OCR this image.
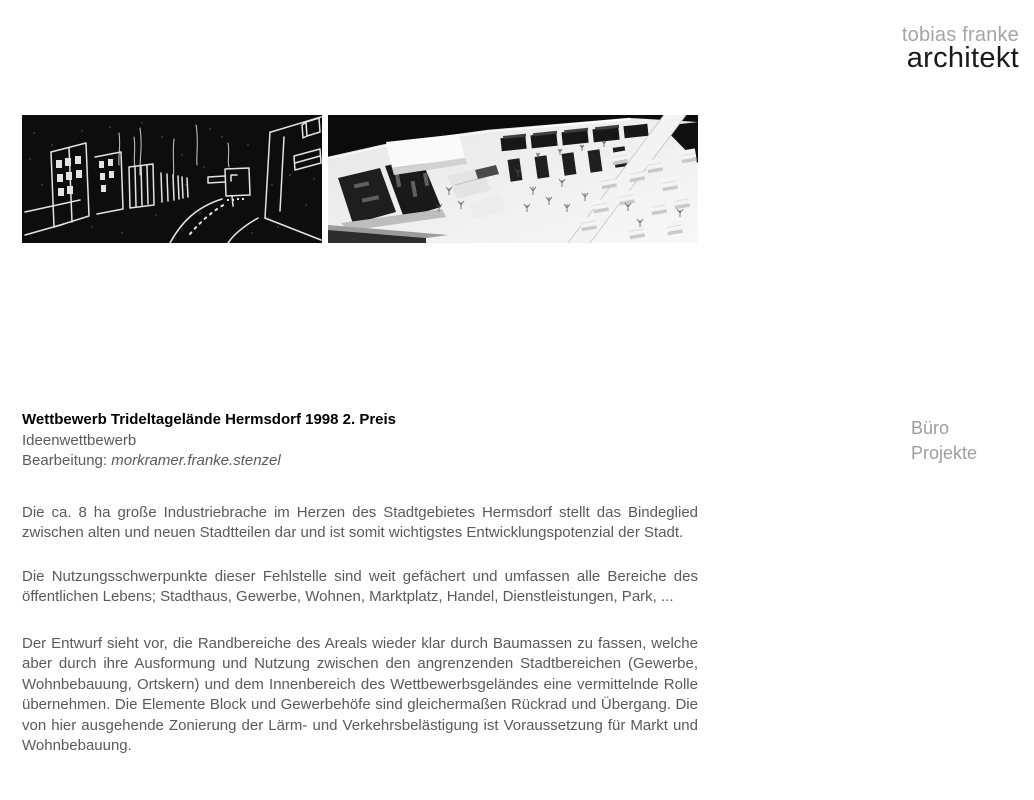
tobias franke
architekt
Büro
Projekte
Wettbewerb Trideltagelände Hermsdorf 1998 2. Preis
Ideenwettbewerb
Bearbeitung: morkramer.franke.stenzel

Die ca. 8 ha große Industriebrache im Herzen des Stadtgebietes Hermsdorf stellt das Bindeglied zwischen alten und neuen Stadtteilen dar und ist somit wichtigstes Entwicklungspotenzial der Stadt.

Die Nutzungsschwerpunkte dieser Fehlstelle sind weit gefächert und umfassen alle Bereiche des öffentlichen Lebens; Stadthaus, Gewerbe, Wohnen, Marktplatz, Handel, Dienstleistungen, Park, ...

Der Entwurf sieht vor, die Randbereiche des Areals wieder klar durch Baumassen zu fassen, welche aber durch ihre Ausformung und Nutzung zwischen den angrenzenden Stadtbereichen (Gewerbe, Wohnbebauung, Ortskern) und dem Innenbereich des Wettbewerbsgeländes eine vermittelnde Rolle übernehmen. Die Elemente Block und Gewerbehöfe sind gleichermaßen Rückrad und Übergang. Die von hier ausgehende Zonierung der Lärm- und Verkehrsbelästigung ist Voraussetzung für Markt und Wohnbebauung.
